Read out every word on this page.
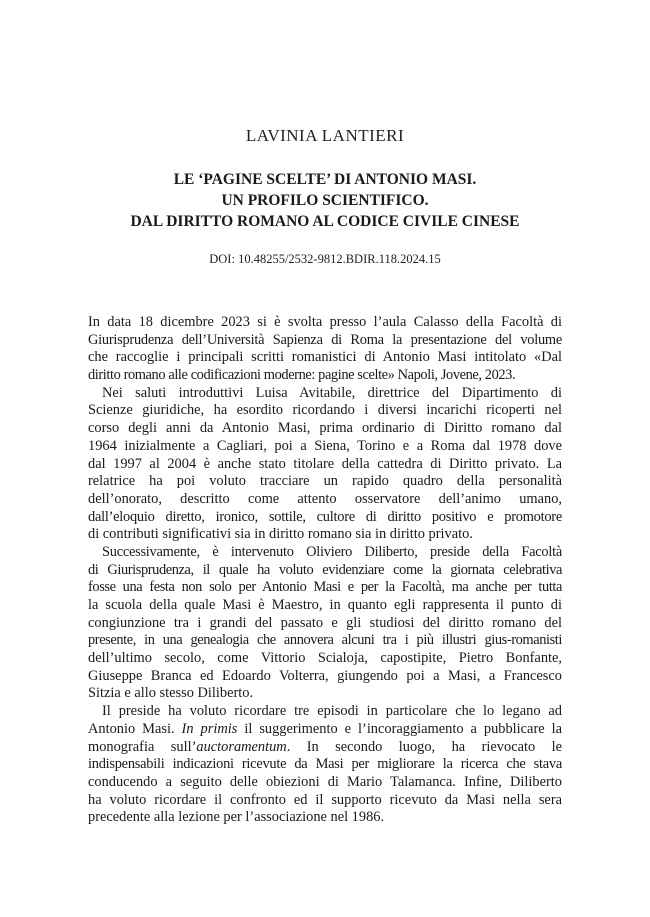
LAVINIA LANTIERI
LE ‘PAGINE SCELTE’ DI ANTONIO MASI.
UN PROFILO SCIENTIFICO.
DAL DIRITTO ROMANO AL CODICE CIVILE CINESE
DOI: 10.48255/2532-9812.BDIR.118.2024.15
In data 18 dicembre 2023 si è svolta presso l’aula Calasso della Facoltà di
Giurisprudenza dell’Università Sapienza di Roma la presentazione del volume
che raccoglie i principali scritti romanistici di Antonio Masi intitolato «Dal
diritto romano alle codificazioni moderne: pagine scelte» Napoli, Jovene, 2023.
Nei saluti introduttivi Luisa Avitabile, direttrice del Dipartimento di
Scienze giuridiche, ha esordito ricordando i diversi incarichi ricoperti nel
corso degli anni da Antonio Masi, prima ordinario di Diritto romano dal
1964 inizialmente a Cagliari, poi a Siena, Torino e a Roma dal 1978 dove
dal 1997 al 2004 è anche stato titolare della cattedra di Diritto privato. La
relatrice ha poi voluto tracciare un rapido quadro della personalità
dell’onorato, descritto come attento osservatore dell’animo umano,
dall’eloquio diretto, ironico, sottile, cultore di diritto positivo e promotore
di contributi significativi sia in diritto romano sia in diritto privato.
Successivamente, è intervenuto Oliviero Diliberto, preside della Facoltà
di Giurisprudenza, il quale ha voluto evidenziare come la giornata celebrativa
fosse una festa non solo per Antonio Masi e per la Facoltà, ma anche per tutta
la scuola della quale Masi è Maestro, in quanto egli rappresenta il punto di
congiunzione tra i grandi del passato e gli studiosi del diritto romano del
presente, in una genealogia che annovera alcuni tra i più illustri gius-romanisti
dell’ultimo secolo, come Vittorio Scialoja, capostipite, Pietro Bonfante,
Giuseppe Branca ed Edoardo Volterra, giungendo poi a Masi, a Francesco
Sitzia e allo stesso Diliberto.
Il preside ha voluto ricordare tre episodi in particolare che lo legano ad
Antonio Masi. In primis il suggerimento e l’incoraggiamento a pubblicare la
monografia sull’auctoramentum. In secondo luogo, ha rievocato le
indispensabili indicazioni ricevute da Masi per migliorare la ricerca che stava
conducendo a seguito delle obiezioni di Mario Talamanca. Infine, Diliberto
ha voluto ricordare il confronto ed il supporto ricevuto da Masi nella sera
precedente alla lezione per l’associazione nel 1986.
